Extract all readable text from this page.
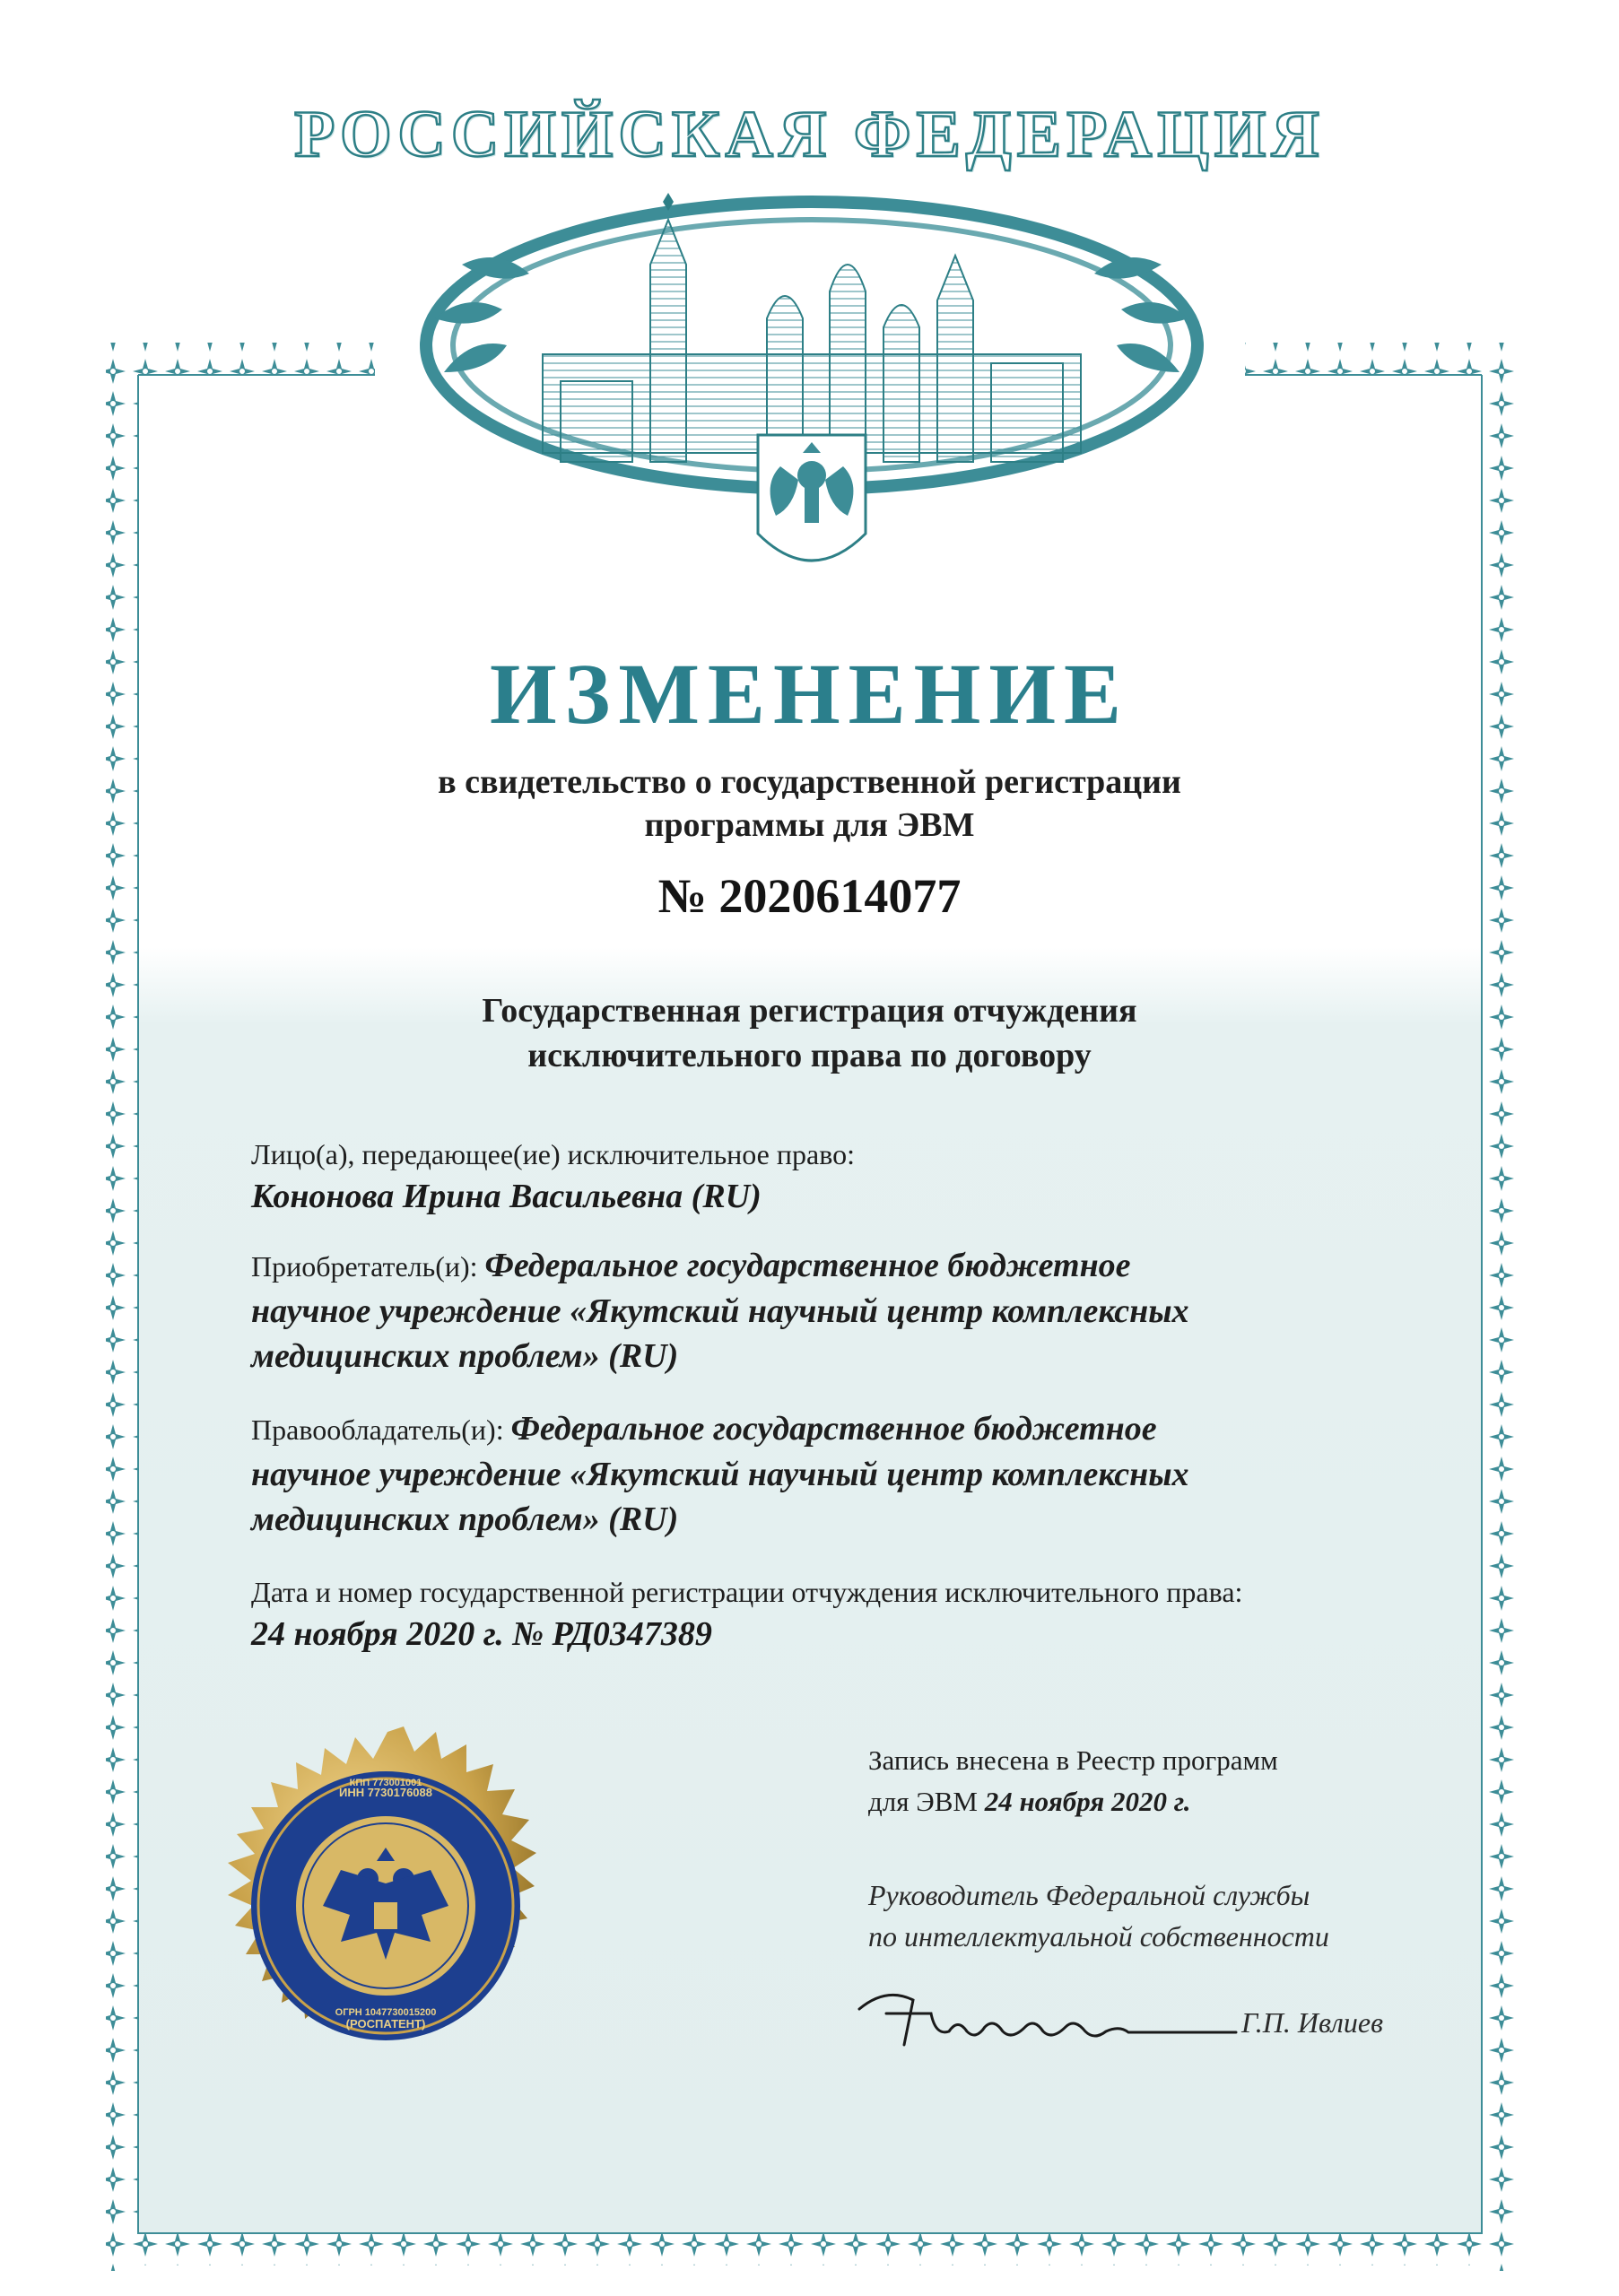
РОССИЙСКАЯ ФЕДЕРАЦИЯ
ИЗМЕНЕНИЕ
в свидетельство о государственной регистрации
программы для ЭВМ
№ 2020614077
Государственная регистрация отчуждения
исключительного права по договору
Лицо(а), передающее(ие) исключительное право:
Кононова Ирина Васильевна (RU)
Приобретатель(и): Федеральное государственное бюджетное
научное учреждение «Якутский научный центр комплексных
медицинских проблем» (RU)
Правообладатель(и): Федеральное государственное бюджетное
научное учреждение «Якутский научный центр комплексных
медицинских проблем» (RU)
Дата и номер государственной регистрации отчуждения исключительного права:
24 ноября 2020 г. № РД0347389
Запись внесена в Реестр программ
для ЭВМ 24 ноября 2020 г.
Руководитель Федеральной службы
по интеллектуальной собственности
Г.П. Ивлиев
ИНН 7730176088
(РОСПАТЕНТ)
КПП 773001001
ОГРН 1047730015200
